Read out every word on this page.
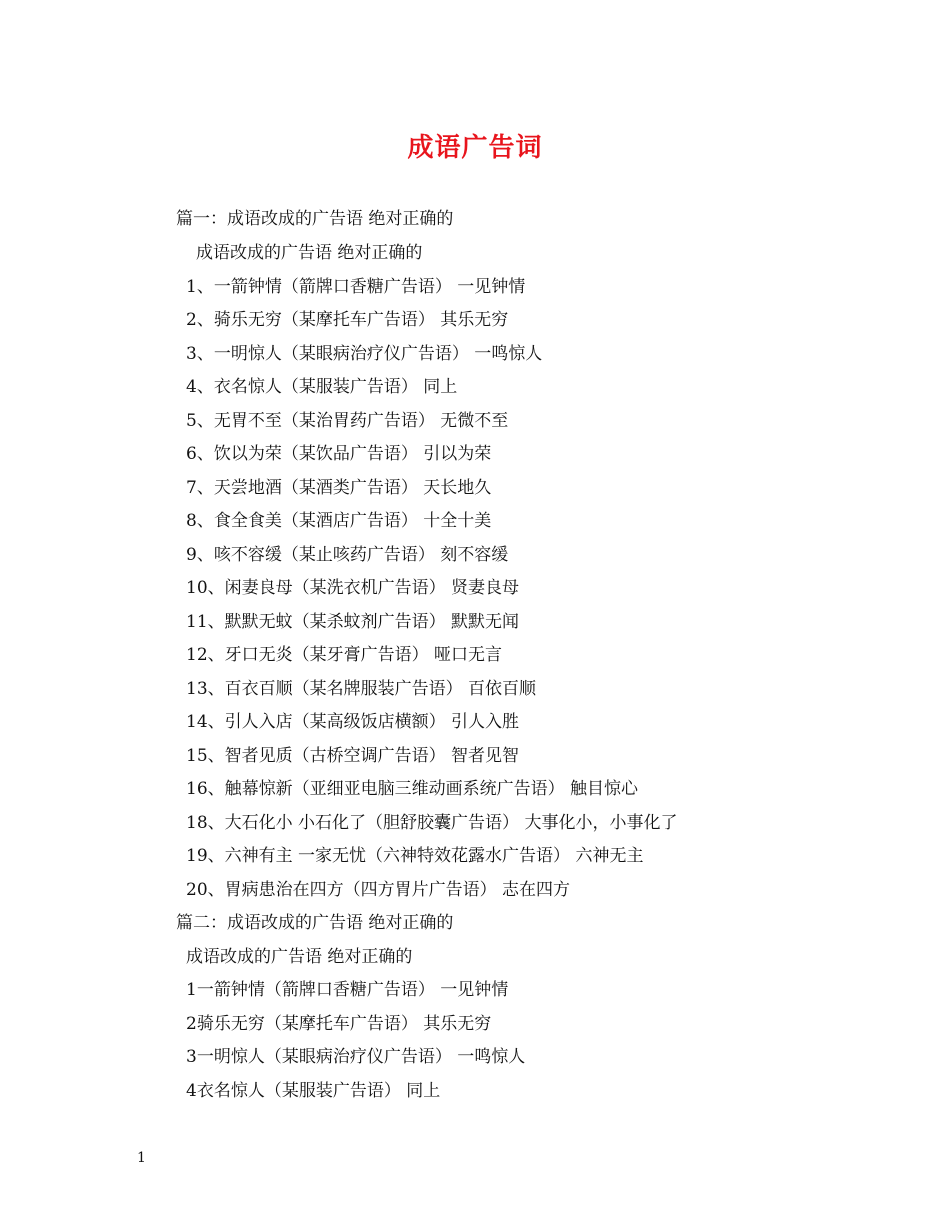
成语广告词
篇一：成语改成的广告语 绝对正确的
成语改成的广告语 绝对正确的
1、一箭钟情（箭牌口香糖广告语） 一见钟情
2、骑乐无穷（某摩托车广告语） 其乐无穷
3、一明惊人（某眼病治疗仪广告语） 一鸣惊人
4、衣名惊人（某服装广告语） 同上
5、无胃不至（某治胃药广告语） 无微不至
6、饮以为荣（某饮品广告语） 引以为荣
7、天尝地酒（某酒类广告语） 天长地久
8、食全食美（某酒店广告语） 十全十美
9、咳不容缓（某止咳药广告语） 刻不容缓
10、闲妻良母（某洗衣机广告语） 贤妻良母
11、默默无蚊（某杀蚊剂广告语） 默默无闻
12、牙口无炎（某牙膏广告语） 哑口无言
13、百衣百顺（某名牌服装广告语） 百依百顺
14、引人入店（某高级饭店横额） 引人入胜
15、智者见质（古桥空调广告语） 智者见智
16、触幕惊新（亚细亚电脑三维动画系统广告语） 触目惊心
18、大石化小 小石化了（胆舒胶囊广告语） 大事化小，小事化了
19、六神有主 一家无忧（六神特效花露水广告语） 六神无主
20、胃病患治在四方（四方胃片广告语） 志在四方
篇二：成语改成的广告语 绝对正确的
成语改成的广告语 绝对正确的
1一箭钟情（箭牌口香糖广告语） 一见钟情
2骑乐无穷（某摩托车广告语） 其乐无穷
3一明惊人（某眼病治疗仪广告语） 一鸣惊人
4衣名惊人（某服装广告语） 同上
1
